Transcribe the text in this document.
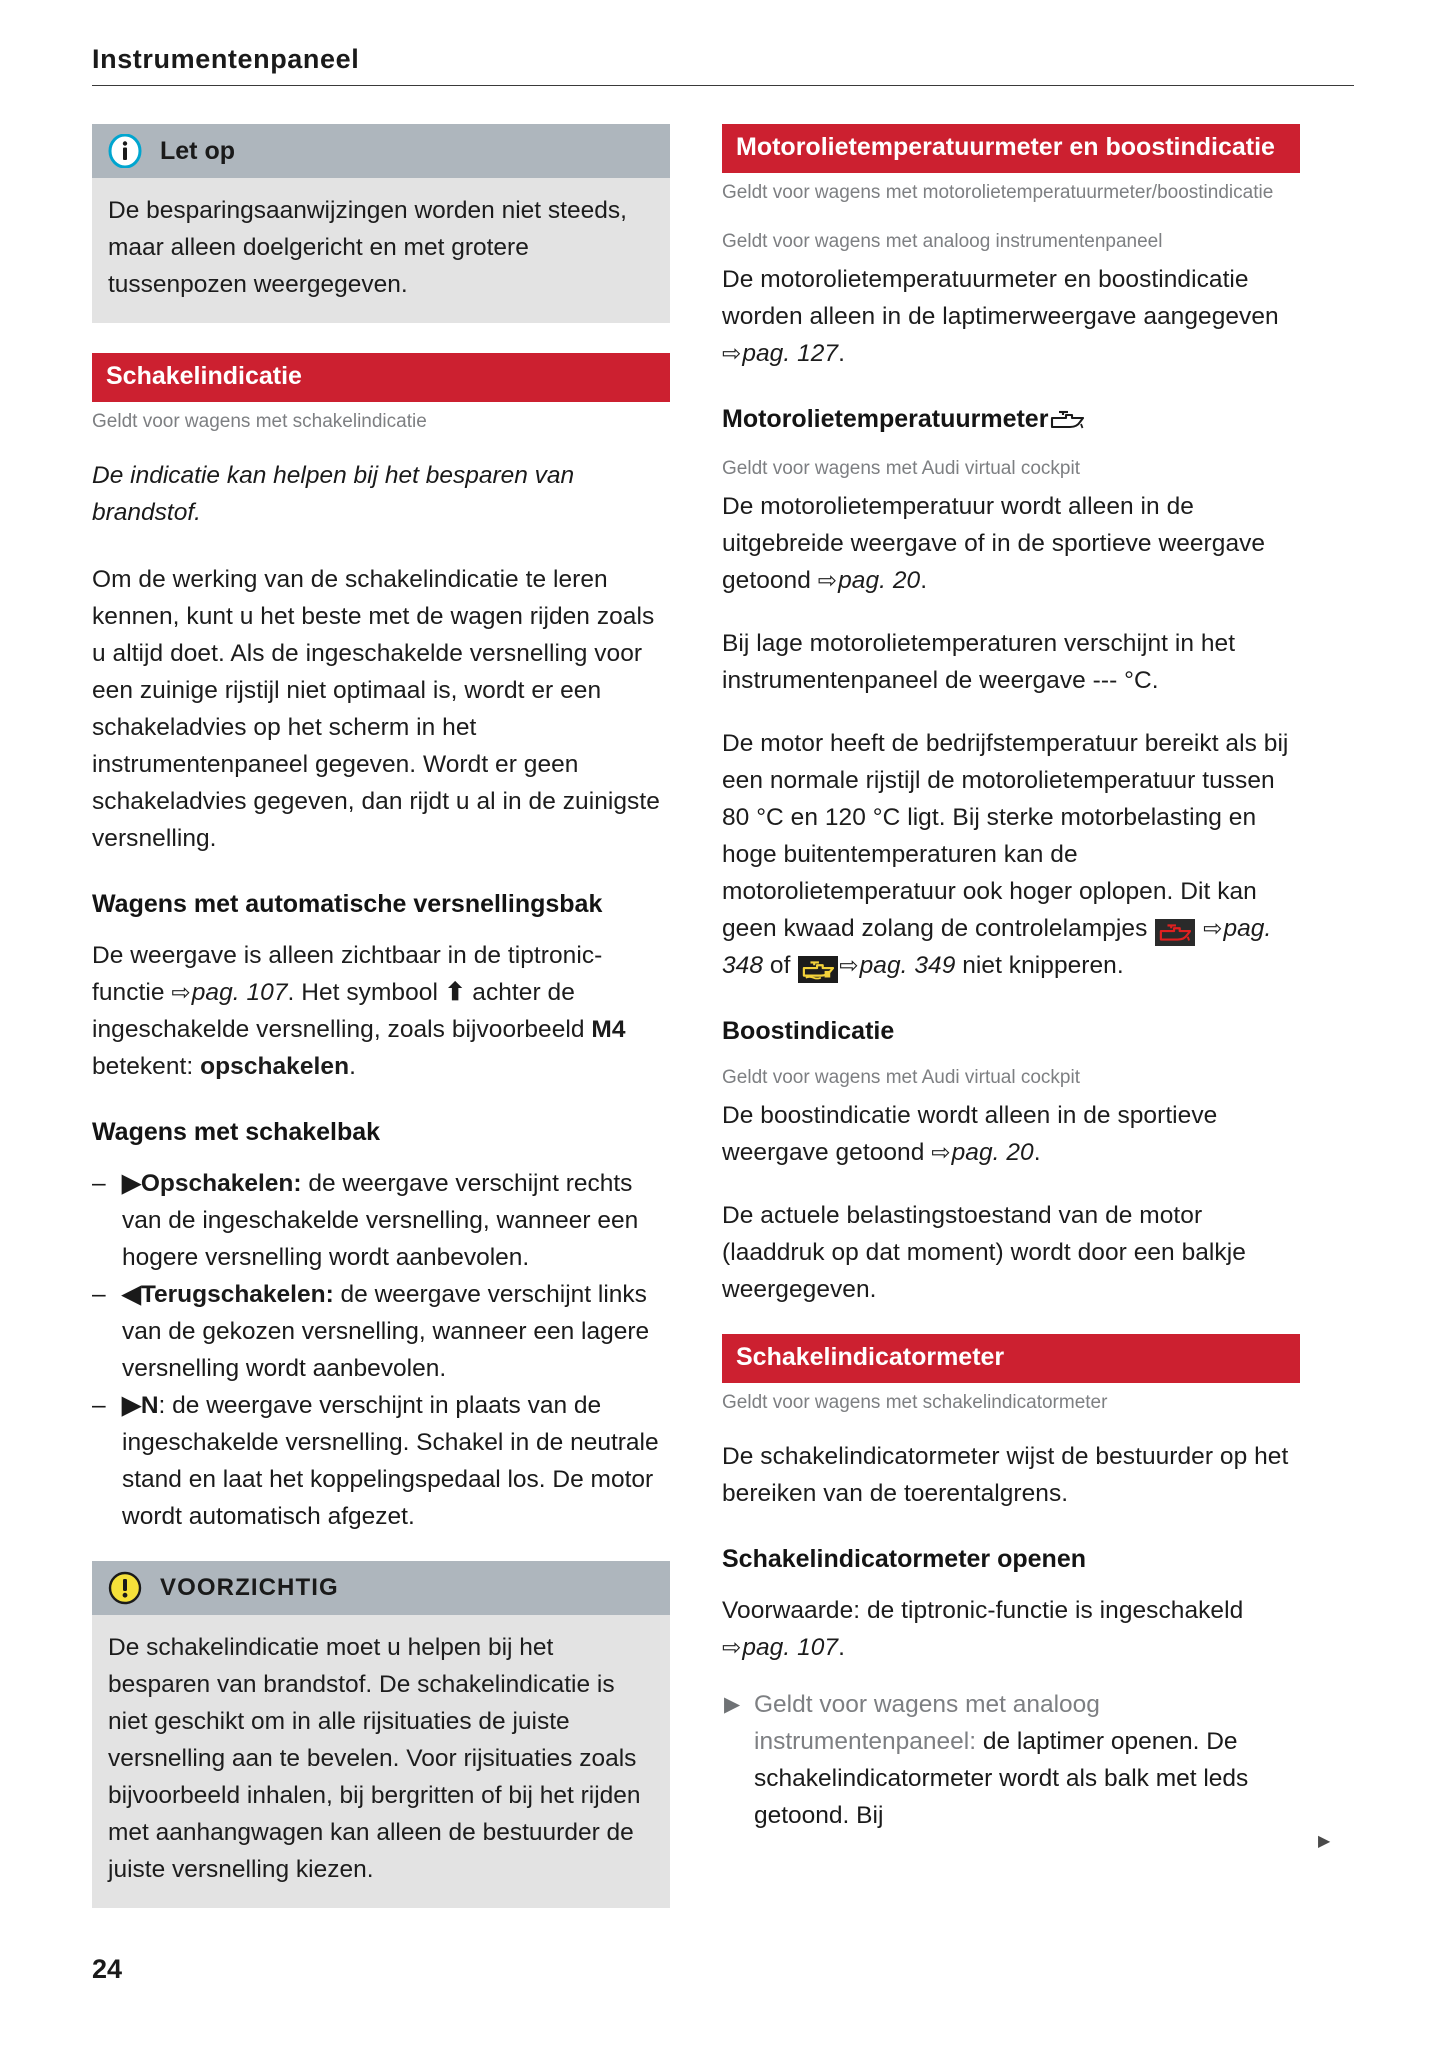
Instrumentenpaneel
Let op

De besparingsaanwijzingen worden niet steeds, maar alleen doelgericht en met grotere tussenpozen weergegeven.

Schakelindicatie
Geldt voor wagens met schakelindicatie

De indicatie kan helpen bij het besparen van brandstof.

Om de werking van de schakelindicatie te leren kennen, kunt u het beste met de wagen rijden zoals u altijd doet. Als de ingeschakelde versnelling voor een zuinige rijstijl niet optimaal is, wordt er een schakeladvies op het scherm in het instrumentenpaneel gegeven. Wordt er geen schakeladvies gegeven, dan rijdt u al in de zuinigste versnelling.

Wagens met automatische versnellingsbak

De weergave is alleen zichtbaar in de tiptronic-functie ⇨pag. 107. Het symbool ⬆ achter de ingeschakelde versnelling, zoals bijvoorbeeld M4 betekent: opschakelen.

Wagens met schakelbak
– ▶Opschakelen: de weergave verschijnt rechts van de ingeschakelde versnelling, wanneer een hogere versnelling wordt aanbevolen.
– ◀Terugschakelen: de weergave verschijnt links van de gekozen versnelling, wanneer een lagere versnelling wordt aanbevolen.
– ▶N: de weergave verschijnt in plaats van de ingeschakelde versnelling. Schakel in de neutrale stand en laat het koppelingspedaal los. De motor wordt automatisch afgezet.
VOORZICHTIG

De schakelindicatie moet u helpen bij het besparen van brandstof. De schakelindicatie is niet geschikt om in alle rijsituaties de juiste versnelling aan te bevelen. Voor rijsituaties zoals bijvoorbeeld inhalen, bij bergritten of bij het rijden met aanhangwagen kan alleen de bestuurder de juiste versnelling kiezen.

Motorolietemperatuurmeter en boostindicatie
Geldt voor wagens met motorolietemperatuurmeter/boostindicatie
Geldt voor wagens met analoog instrumentenpaneel

De motorolietemperatuurmeter en boostindicatie worden alleen in de laptimerweergave aangegeven ⇨pag. 127.

Motorolietemperatuurmeter
Geldt voor wagens met Audi virtual cockpit

De motorolietemperatuur wordt alleen in de uitgebreide weergave of in de sportieve weergave getoond ⇨pag. 20.

Bij lage motorolietemperaturen verschijnt in het instrumentenpaneel de weergave --- °C.

De motor heeft de bedrijfstemperatuur bereikt als bij een normale rijstijl de motorolietemperatuur tussen 80 °C en 120 °C ligt. Bij sterke motorbelasting en hoge buitentemperaturen kan de motorolietemperatuur ook hoger oplopen. Dit kan geen kwaad zolang de controlelampjes  ⇨pag. 348 of ⇨pag. 349 niet knipperen.

Boostindicatie
Geldt voor wagens met Audi virtual cockpit

De boostindicatie wordt alleen in de sportieve weergave getoond ⇨pag. 20.

De actuele belastingstoestand van de motor (laaddruk op dat moment) wordt door een balkje weergegeven.

Schakelindicatormeter
Geldt voor wagens met schakelindicatormeter

De schakelindicatormeter wijst de bestuurder op het bereiken van de toerentalgrens.

Schakelindicatormeter openen

Voorwaarde: de tiptronic-functie is ingeschakeld ⇨pag. 107.

▶ Geldt voor wagens met analoog instrumentenpaneel: de laptimer openen. De schakelindicatormeter wordt als balk met leds getoond. Bij
24
▶
